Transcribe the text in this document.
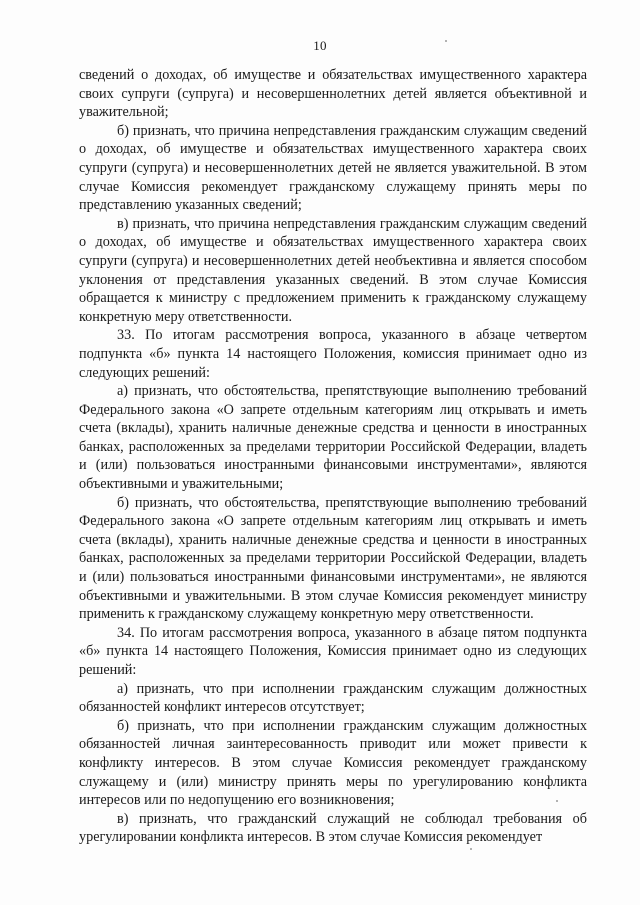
10

сведений о доходах, об имуществе и обязательствах имущественного характера своих супруги (супруга) и несовершеннолетних детей является объективной и уважительной;

б) признать, что причина непредставления гражданским служащим сведений о доходах, об имуществе и обязательствах имущественного характера своих супруги (супруга) и несовершеннолетних детей не является уважительной. В этом случае Комиссия рекомендует гражданскому служащему принять меры по представлению указанных сведений;

в) признать, что причина непредставления гражданским служащим сведений о доходах, об имуществе и обязательствах имущественного характера своих супруги (супруга) и несовершеннолетних детей необъективна и является способом уклонения от представления указанных сведений. В этом случае Комиссия обращается к министру с предложением применить к гражданскому служащему конкретную меру ответственности.

33. По итогам рассмотрения вопроса, указанного в абзаце четвертом подпункта «б» пункта 14 настоящего Положения, комиссия принимает одно из следующих решений:

а) признать, что обстоятельства, препятствующие выполнению требований Федерального закона «О запрете отдельным категориям лиц открывать и иметь счета (вклады), хранить наличные денежные средства и ценности в иностранных банках, расположенных за пределами территории Российской Федерации, владеть и (или) пользоваться иностранными финансовыми инструментами», являются объективными и уважительными;

б) признать, что обстоятельства, препятствующие выполнению требований Федерального закона «О запрете отдельным категориям лиц открывать и иметь счета (вклады), хранить наличные денежные средства и ценности в иностранных банках, расположенных за пределами территории Российской Федерации, владеть и (или) пользоваться иностранными финансовыми инструментами», не являются объективными и уважительными. В этом случае Комиссия рекомендует министру применить к гражданскому служащему конкретную меру ответственности.

34. По итогам рассмотрения вопроса, указанного в абзаце пятом подпункта «б» пункта 14 настоящего Положения, Комиссия принимает одно из следующих решений:

а) признать, что при исполнении гражданским служащим должностных обязанностей конфликт интересов отсутствует;

б) признать, что при исполнении гражданским служащим должностных обязанностей личная заинтересованность приводит или может привести к конфликту интересов. В этом случае Комиссия рекомендует гражданскому служащему и (или) министру принять меры по урегулированию конфликта интересов или по недопущению его возникновения;

в) признать, что гражданский служащий не соблюдал требования об урегулировании конфликта интересов. В этом случае Комиссия рекомендует
